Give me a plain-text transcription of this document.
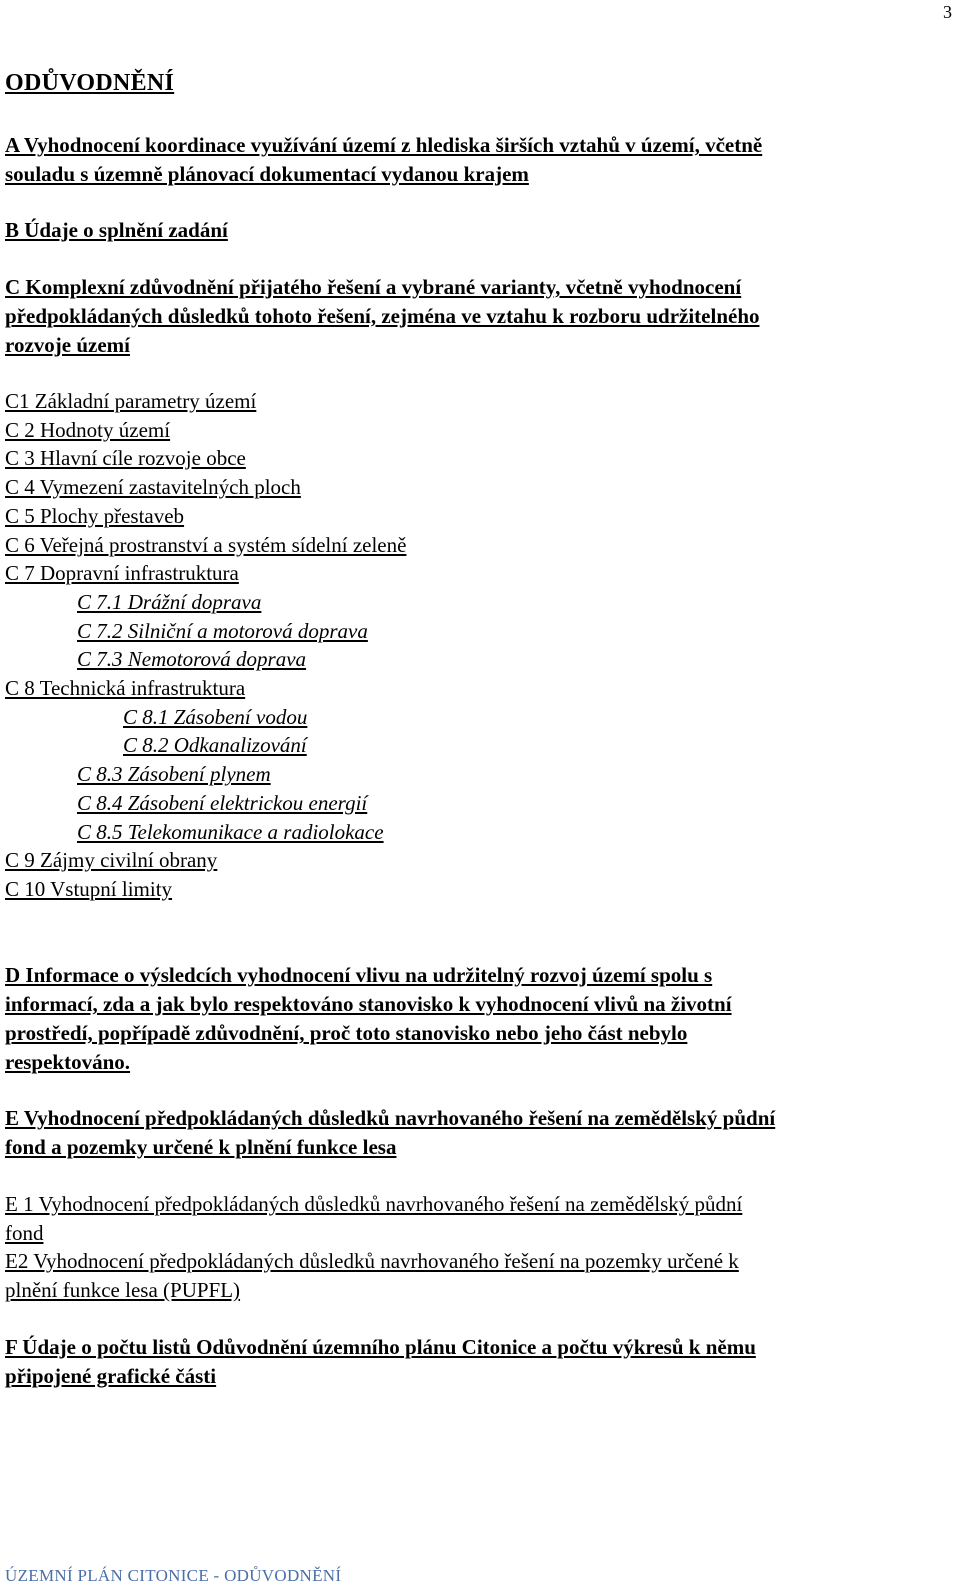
3
ODŮVODNĚNÍ

A Vyhodnocení koordinace využívání území z hlediska širších vztahů v území, včetně

souladu s územně plánovací dokumentací vydanou krajem

B Údaje o splnění zadání

C Komplexní zdůvodnění přijatého řešení a vybrané varianty, včetně vyhodnocení

předpokládaných důsledků tohoto řešení, zejména ve vztahu k rozboru udržitelného

rozvoje území

C1 Základní parametry území
C 2 Hodnoty území
C 3 Hlavní cíle rozvoje obce
C 4 Vymezení zastavitelných ploch
C 5 Plochy přestaveb
C 6 Veřejná prostranství a systém sídelní zeleně
C 7 Dopravní infrastruktura
C 7.1 Drážní doprava
C 7.2 Silniční a motorová doprava
C 7.3 Nemotorová doprava
C 8 Technická infrastruktura
C 8.1 Zásobení vodou
C 8.2 Odkanalizování
C 8.3 Zásobení plynem
C 8.4 Zásobení elektrickou energií
C 8.5 Telekomunikace a radiolokace
C 9 Zájmy civilní obrany
C 10 Vstupní limity

D Informace o výsledcích vyhodnocení vlivu na udržitelný rozvoj území spolu s

informací, zda a jak bylo respektováno stanovisko k vyhodnocení vlivů na životní

prostředí, popřípadě zdůvodnění, proč toto stanovisko nebo jeho část nebylo

respektováno.

E Vyhodnocení předpokládaných důsledků navrhovaného řešení na zemědělský půdní

fond a pozemky určené k plnění funkce lesa

E 1 Vyhodnocení předpokládaných důsledků navrhovaného řešení na zemědělský půdní

fond

E2 Vyhodnocení předpokládaných důsledků navrhovaného řešení na pozemky určené k

plnění funkce lesa (PUPFL)

F Údaje o počtu listů Odůvodnění územního plánu Citonice a počtu výkresů k němu

připojené grafické části

ÚZEMNÍ PLÁN CITONICE - ODŮVODNĚNÍ
